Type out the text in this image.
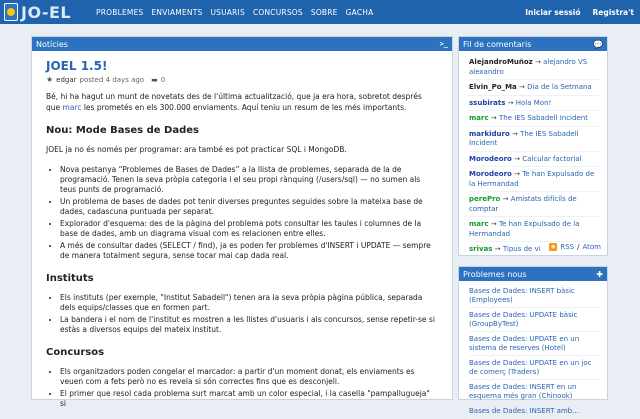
JO-EL	PROBLEMES ENVIAMENTS USUARIS CONCURSOS SOBRE GACHA	Iniciar sessió Registra't
Notícies	>_
JOEL 1.5!
★ edgar posted 4 days ago ▬ 0

Bé, hi ha hagut un munt de novetats des de l'última actualització, que ja era hora, sobretot després que marc les prometés en els 300.000 enviaments. Aquí teniu un resum de les més importants.

Nou: Mode Bases de Dades

JOEL ja no és només per programar: ara també es pot practicar SQL i MongoDB.

• Nova pestanya “Problemes de Bases de Dades” a la llista de problemes, separada de la de programació. Tenen la seva pròpia categoria i el seu propi rànquing (/users/sql) — no sumen als teus punts de programació.
• Un problema de bases de dades pot tenir diverses preguntes seguides sobre la mateixa base de dades, cadascuna puntuada per separat.
• Explorador d'esquema: des de la pàgina del problema pots consultar les taules i columnes de la base de dades, amb un diagrama visual com es relacionen entre elles.
• A més de consultar dades (SELECT / find), ja es poden fer problemes d'INSERT i UPDATE — sempre de manera totalment segura, sense tocar mai cap dada real.
Instituts
• Els instituts (per exemple, "Institut Sabadell") tenen ara la seva pròpia pàgina pública, separada dels equips/classes que en formen part.
• La bandera i el nom de l'institut es mostren a les llistes d'usuaris i als concursos, sense repetir-se si estàs a diversos equips del mateix institut.
Concursos
• Els organitzadors poden congelar el marcador: a partir d'un moment donat, els enviaments es veuen com a fets però no es revela si són correctes fins que es desconjeli.
• El primer que resol cada problema surt marcat amb un color especial, i la casella "pampallugueja" si
Fil de comentaris	💬
AlejandroMuñoz → alejandro VS alexandro
Elvin_Po_Ma → Dia de la Setmana
ssubirats → Hola Mon!
marc → The IES Sabadell Incident
markiduro → The IES Sabadell Incident
Morodeoro → Calcular factorial
Morodeoro → Te han Expulsado de la Hermandad
perePro → Amistats difícils de comptar
marc → Te han Expulsado de la Hermandad
srivas → Tipus de vi	◉ RSS / Atom
Problemes nous	✚
Bases de Dades: INSERT bàsic (Employees)
Bases de Dades: UPDATE bàsic (GroupByTest)
Bases de Dades: UPDATE en un sistema de reserves (Hotel)
Bases de Dades: UPDATE en un joc de comerç (Traders)
Bases de Dades: INSERT en un esquema més gran (Chinook)
Bases de Dades: INSERT amb...
